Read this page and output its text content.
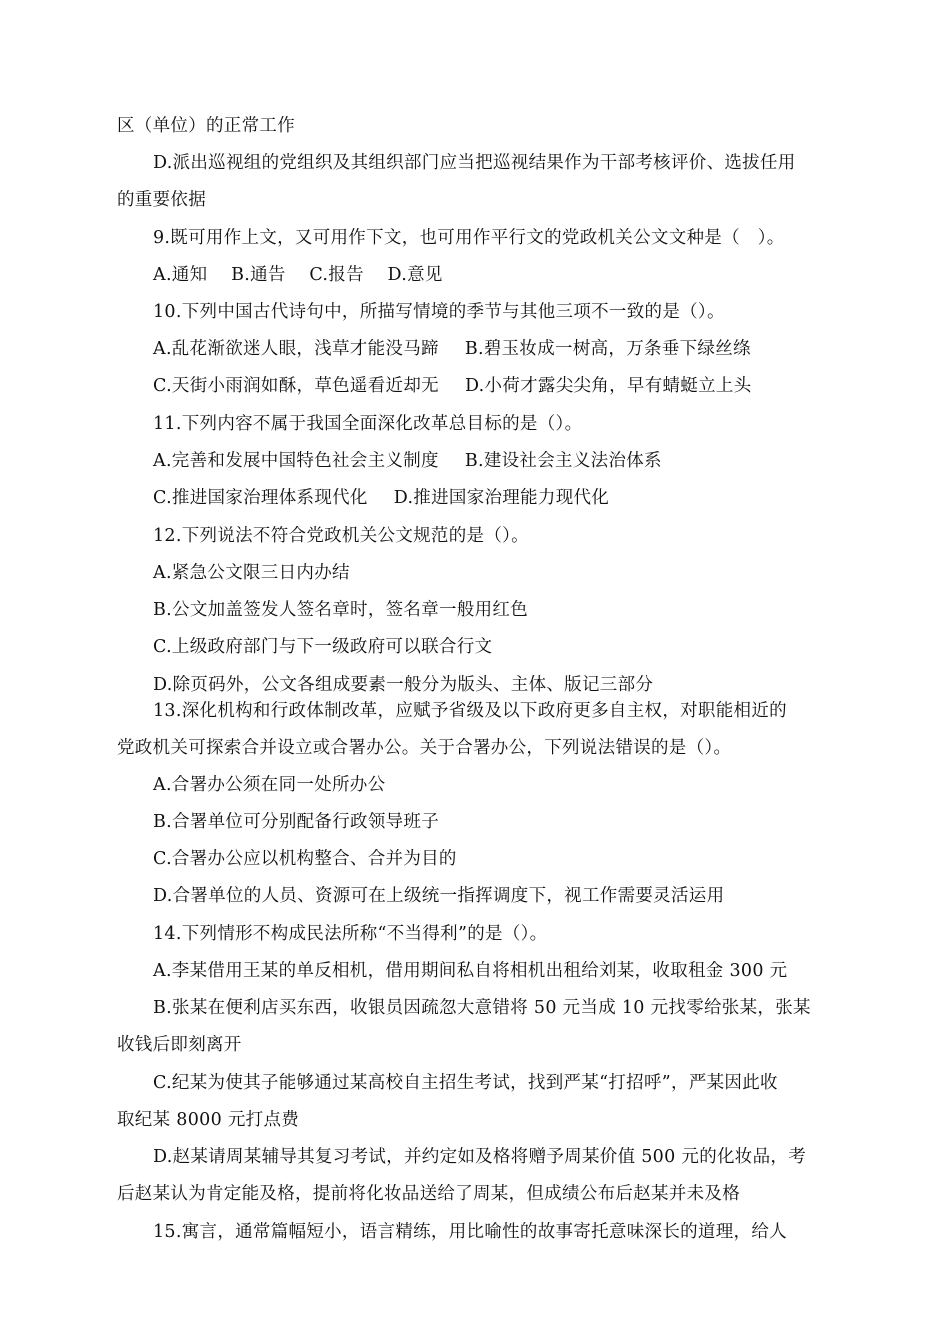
区（单位）的正常工作
D.派出巡视组的党组织及其组织部门应当把巡视结果作为干部考核评价、选拔任用
的重要依据
9.既可用作上文，又可用作下文，也可用作平行文的党政机关公文文种是（　）。
A.通知　 B.通告　 C.报告　 D.意见
10.下列中国古代诗句中，所描写情境的季节与其他三项不一致的是（）。
A.乱花渐欲迷人眼，浅草才能没马蹄 B.碧玉妆成一树高，万条垂下绿丝绦
C.天街小雨润如酥，草色遥看近却无 D.小荷才露尖尖角，早有蜻蜓立上头
11.下列内容不属于我国全面深化改革总目标的是（）。
A.完善和发展中国特色社会主义制度 B.建设社会主义法治体系
C.推进国家治理体系现代化 D.推进国家治理能力现代化
12.下列说法不符合党政机关公文规范的是（）。
A.紧急公文限三日内办结
B.公文加盖签发人签名章时，签名章一般用红色
C.上级政府部门与下一级政府可以联合行文
D.除页码外，公文各组成要素一般分为版头、主体、版记三部分
13.深化机构和行政体制改革，应赋予省级及以下政府更多自主权，对职能相近的
党政机关可探索合并设立或合署办公。关于合署办公，下列说法错误的是（）。
A.合署办公须在同一处所办公
B.合署单位可分别配备行政领导班子
C.合署办公应以机构整合、合并为目的
D.合署单位的人员、资源可在上级统一指挥调度下，视工作需要灵活运用
14.下列情形不构成民法所称“不当得利”的是（）。
A.李某借用王某的单反相机，借用期间私自将相机出租给刘某，收取租金 300 元
B.张某在便利店买东西，收银员因疏忽大意错将 50 元当成 10 元找零给张某，张某
收钱后即刻离开
C.纪某为使其子能够通过某高校自主招生考试，找到严某“打招呼”，严某因此收
取纪某 8000 元打点费
D.赵某请周某辅导其复习考试，并约定如及格将赠予周某价值 500 元的化妆品，考
后赵某认为肯定能及格，提前将化妆品送给了周某，但成绩公布后赵某并未及格
15.寓言，通常篇幅短小，语言精练，用比喻性的故事寄托意味深长的道理，给人
